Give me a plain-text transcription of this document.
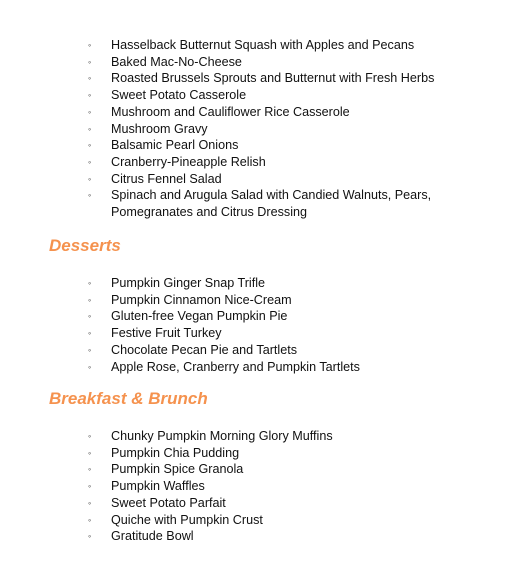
◦ Hasselback Butternut Squash with Apples and Pecans
◦ Baked Mac-No-Cheese
◦ Roasted Brussels Sprouts and Butternut with Fresh Herbs
◦ Sweet Potato Casserole
◦ Mushroom and Cauliflower Rice Casserole
◦ Mushroom Gravy
◦ Balsamic Pearl Onions
◦ Cranberry-Pineapple Relish
◦ Citrus Fennel Salad
◦ Spinach and Arugula Salad with Candied Walnuts, Pears, Pomegranates and Citrus Dressing
Desserts
◦ Pumpkin Ginger Snap Trifle
◦ Pumpkin Cinnamon Nice-Cream
◦ Gluten-free Vegan Pumpkin Pie
◦ Festive Fruit Turkey
◦ Chocolate Pecan Pie and Tartlets
◦ Apple Rose, Cranberry and Pumpkin Tartlets
Breakfast & Brunch
◦ Chunky Pumpkin Morning Glory Muffins
◦ Pumpkin Chia Pudding
◦ Pumpkin Spice Granola
◦ Pumpkin Waffles
◦ Sweet Potato Parfait
◦ Quiche with Pumpkin Crust
◦ Gratitude Bowl
